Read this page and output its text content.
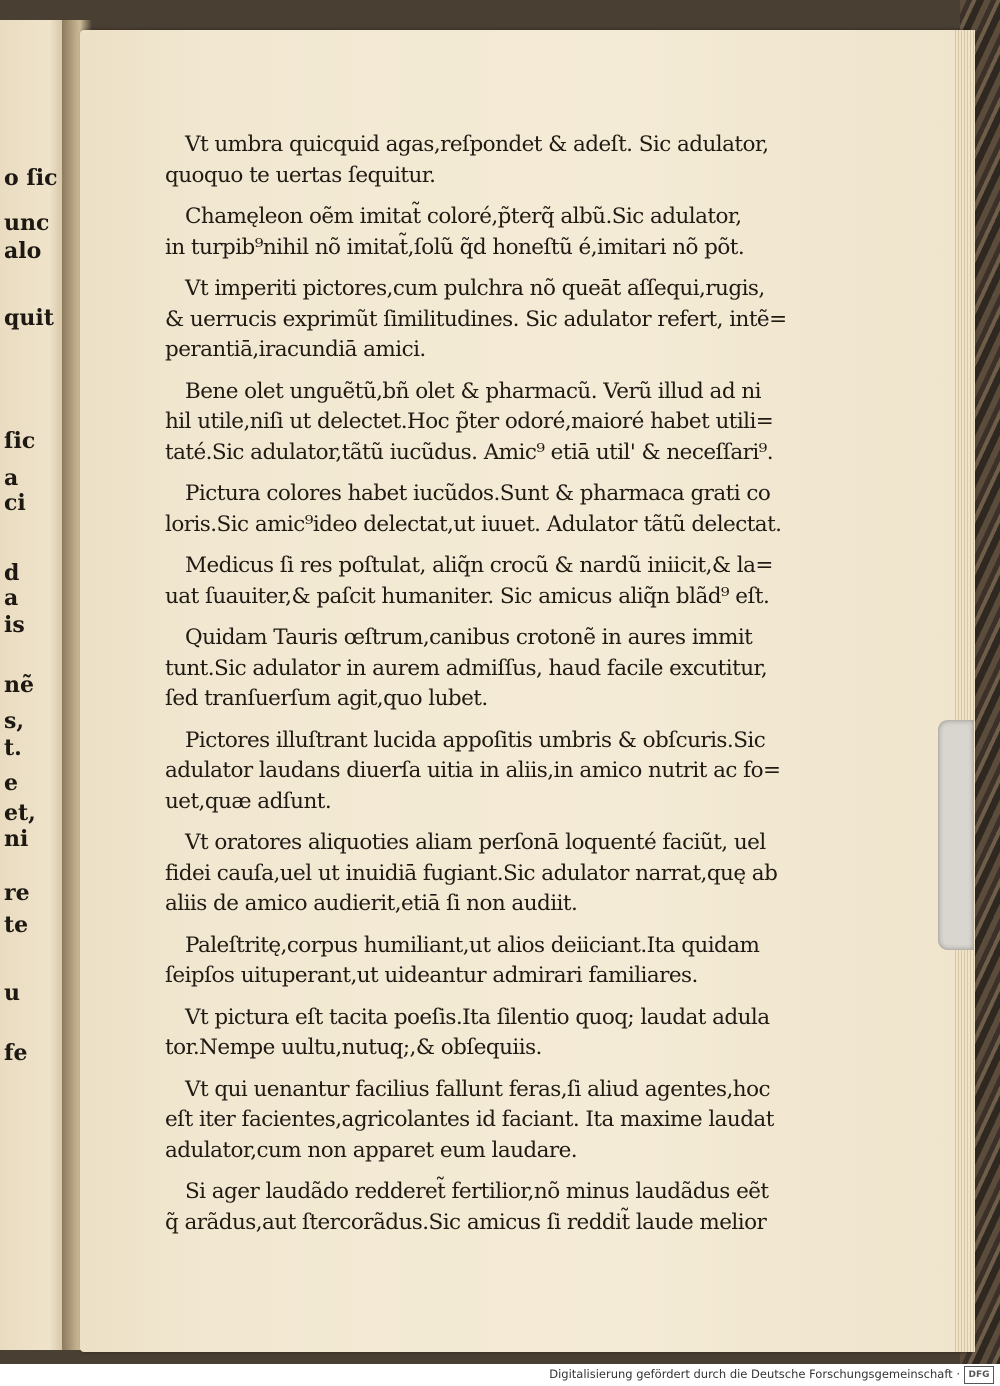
o ſic
unc
alo
quit
ſic
a
ci
d
a
is
nẽ
s,
t.
e
et,
ni
re
te
u
fe
Vt umbra quicquid agas,reſpondet & adeſt. Sic adulator,
quoquo te uertas ſequitur.
Chamęleon oẽm imitat̃ coloré,p̃terq̃ albũ.Sic adulator,
in turpib⁹nihil nõ imitat̃,ſolũ q̃d honeſtũ é,imitari nõ põt.
Vt imperiti pictores,cum pulchra nõ queāt aſſequi,rugis,
& uerrucis exprimũt ſimilitudines. Sic adulator refert, intẽ=
perantiā,iracundiā amici.
Bene olet unguẽtũ,bñ olet & pharmacũ. Verũ illud ad ni
hil utile,niſi ut delectet.Hoc p̃ter odoré,maioré habet utili=
taté.Sic adulator,tãtũ iucũdus. Amic⁹ etiā util' & neceſſari⁹.
Pictura colores habet iucũdos.Sunt & pharmaca grati co
loris.Sic amic⁹ideo delectat,ut iuuet. Adulator tãtũ delectat.
Medicus ſi res poſtulat, aliq̃n crocũ & nardũ iniicit,& la=
uat ſuauiter,& paſcit humaniter. Sic amicus aliq̃n blãd⁹ eſt.
Quidam Tauris œſtrum,canibus crotonẽ in aures immit
tunt.Sic adulator in aurem admiſſus, haud facile excutitur,
ſed tranſuerſum agit,quo lubet.
Pictores illuſtrant lucida appoſitis umbris & obſcuris.Sic
adulator laudans diuerſa uitia in aliis,in amico nutrit ac fo=
uet,quæ adſunt.
Vt oratores aliquoties aliam perſonā loquenté faciũt, uel
fidei cauſa,uel ut inuidiā fugiant.Sic adulator narrat,quę ab
aliis de amico audierit,etiā ſi non audiit.
Paleſtritę,corpus humiliant,ut alios deiiciant.Ita quidam
ſeipſos uituperant,ut uideantur admirari familiares.
Vt pictura eſt tacita poeſis.Ita ſilentio quoq; laudat adula
tor.Nempe uultu,nutuq;,& obſequiis.
Vt qui uenantur facilius fallunt feras,ſi aliud agentes,hoc
eſt iter facientes,agricolantes id faciant. Ita maxime laudat
adulator,cum non apparet eum laudare.
Si ager laudãdo redderet̃ fertilior,nõ minus laudãdus eẽt
q̃ arãdus,aut ſtercorãdus.Sic amicus ſi reddit̃ laude melior
Digitalisierung gefördert durch die Deutsche Forschungsgemeinschaft · DFG
